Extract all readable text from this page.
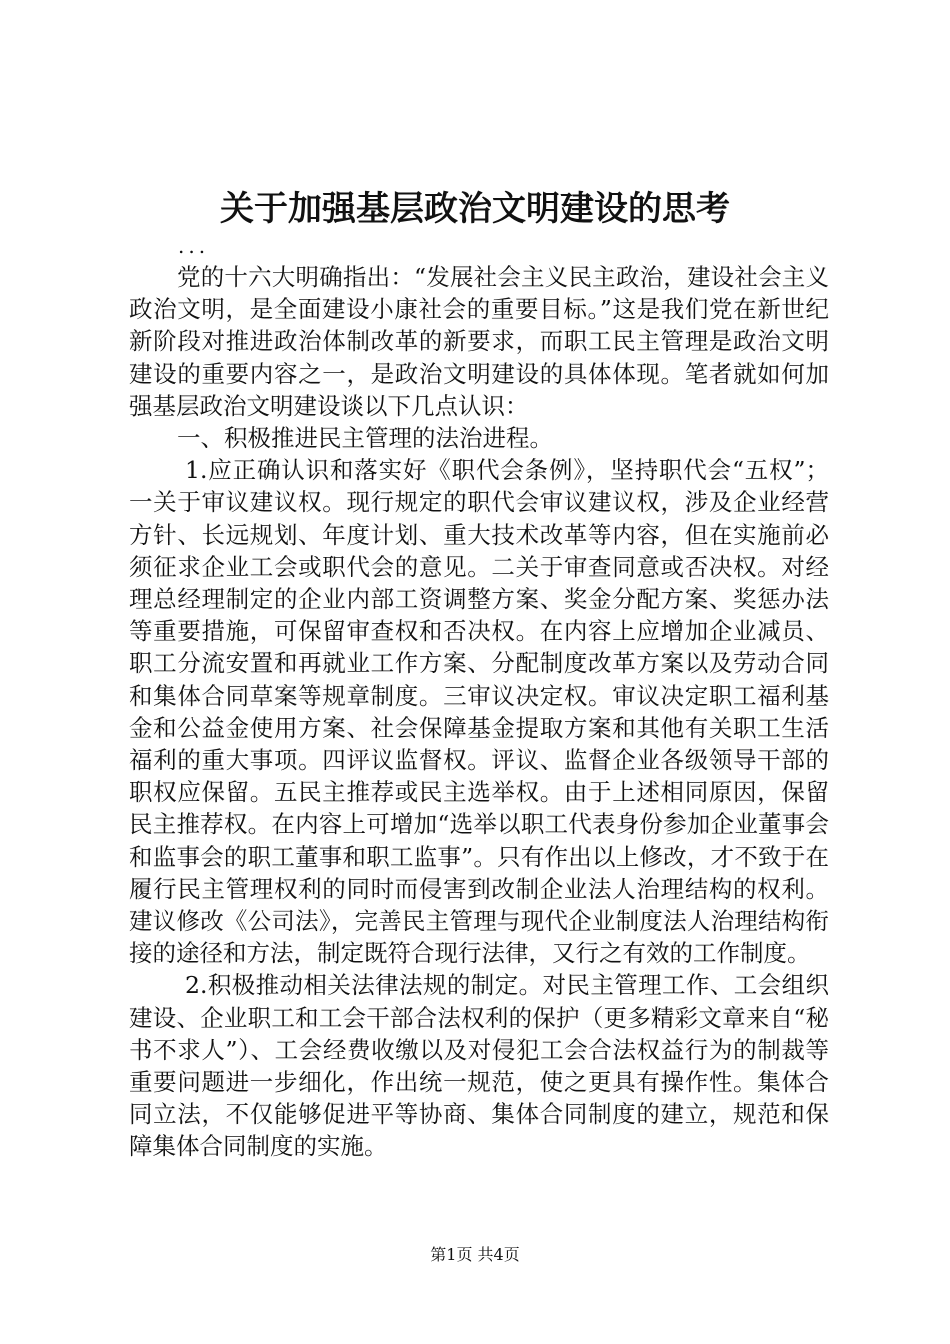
关于加强基层政治文明建设的思考
...

党的十六大明确指出：“发展社会主义民主政治，建设社会主义政治文明，是全面建设小康社会的重要目标。”这是我们党在新世纪新阶段对推进政治体制改革的新要求，而职工民主管理是政治文明建设的重要内容之一，是政治文明建设的具体体现。笔者就如何加强基层政治文明建设谈以下几点认识：

一、积极推进民主管理的法治进程。

1.应正确认识和落实好《职代会条例》，坚持职代会“五权”；一关于审议建议权。现行规定的职代会审议建议权，涉及企业经营方针、长远规划、年度计划、重大技术改革等内容，但在实施前必须征求企业工会或职代会的意见。二关于审查同意或否决权。对经理总经理制定的企业内部工资调整方案、奖金分配方案、奖惩办法等重要措施，可保留审查权和否决权。在内容上应增加企业减员、职工分流安置和再就业工作方案、分配制度改革方案以及劳动合同和集体合同草案等规章制度。三审议决定权。审议决定职工福利基金和公益金使用方案、社会保障基金提取方案和其他有关职工生活福利的重大事项。四评议监督权。评议、监督企业各级领导干部的职权应保留。五民主推荐或民主选举权。由于上述相同原因，保留民主推荐权。在内容上可增加“选举以职工代表身份参加企业董事会和监事会的职工董事和职工监事”。只有作出以上修改，才不致于在履行民主管理权利的同时而侵害到改制企业法人治理结构的权利。建议修改《公司法》，完善民主管理与现代企业制度法人治理结构衔接的途径和方法，制定既符合现行法律，又行之有效的工作制度。

2.积极推动相关法律法规的制定。对民主管理工作、工会组织建设、企业职工和工会干部合法权利的保护（更多精彩文章来自“秘书不求人”）、工会经费收缴以及对侵犯工会合法权益行为的制裁等重要问题进一步细化，作出统一规范，使之更具有操作性。集体合同立法，不仅能够促进平等协商、集体合同制度的建立，规范和保障集体合同制度的实施。

第1页 共4页
